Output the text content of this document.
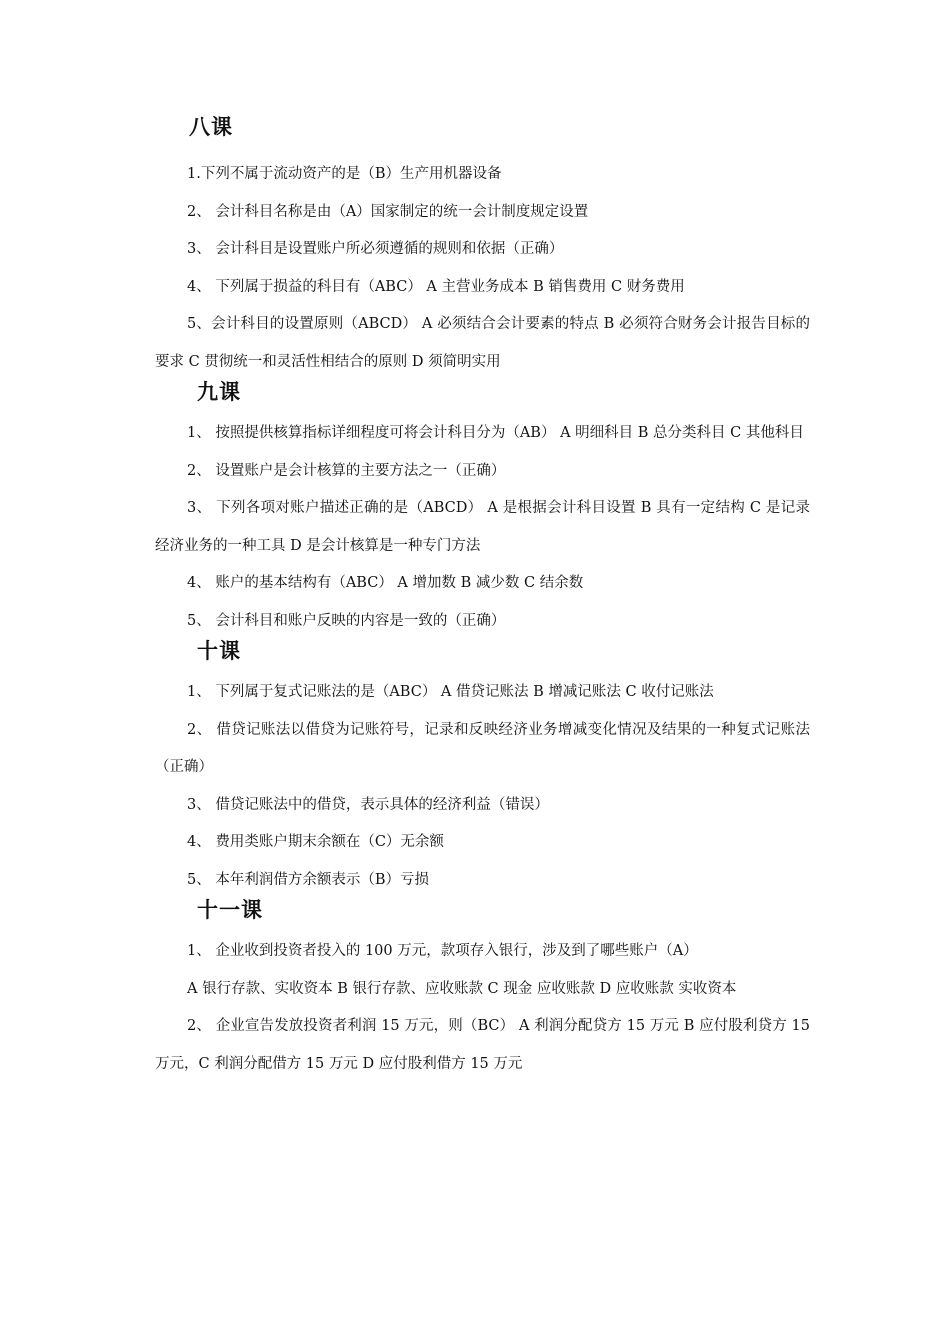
八课

1.下列不属于流动资产的是（B）生产用机器设备

2、 会计科目名称是由（A）国家制定的统一会计制度规定设置

3、 会计科目是设置账户所必须遵循的规则和依据（正确）

4、 下列属于损益的科目有（ABC） A 主营业务成本 B 销售费用 C 财务费用

5、会计科目的设置原则（ABCD） A 必须结合会计要素的特点 B 必须符合财务会计报告目标的要求 C 贯彻统一和灵活性相结合的原则 D 须简明实用

九课

1、 按照提供核算指标详细程度可将会计科目分为（AB） A 明细科目 B 总分类科目 C 其他科目

2、 设置账户是会计核算的主要方法之一（正确）

3、 下列各项对账户描述正确的是（ABCD） A 是根据会计科目设置 B 具有一定结构 C 是记录经济业务的一种工具 D 是会计核算是一种专门方法

4、 账户的基本结构有（ABC） A 增加数 B 减少数 C 结余数

5、 会计科目和账户反映的内容是一致的（正确）

十课

1、 下列属于复式记账法的是（ABC） A 借贷记账法 B 增减记账法 C 收付记账法

2、 借贷记账法以借贷为记账符号，记录和反映经济业务增减变化情况及结果的一种复式记账法（正确）

3、 借贷记账法中的借贷，表示具体的经济利益（错误）

4、 费用类账户期末余额在（C）无余额

5、 本年利润借方余额表示（B）亏损

十一课

1、 企业收到投资者投入的 100 万元，款项存入银行，涉及到了哪些账户（A）

A 银行存款、实收资本 B 银行存款、应收账款 C 现金 应收账款 D 应收账款 实收资本

2、 企业宣告发放投资者利润 15 万元，则（BC） A 利润分配贷方 15 万元 B 应付股利贷方 15 万元，C 利润分配借方 15 万元 D 应付股利借方 15 万元
